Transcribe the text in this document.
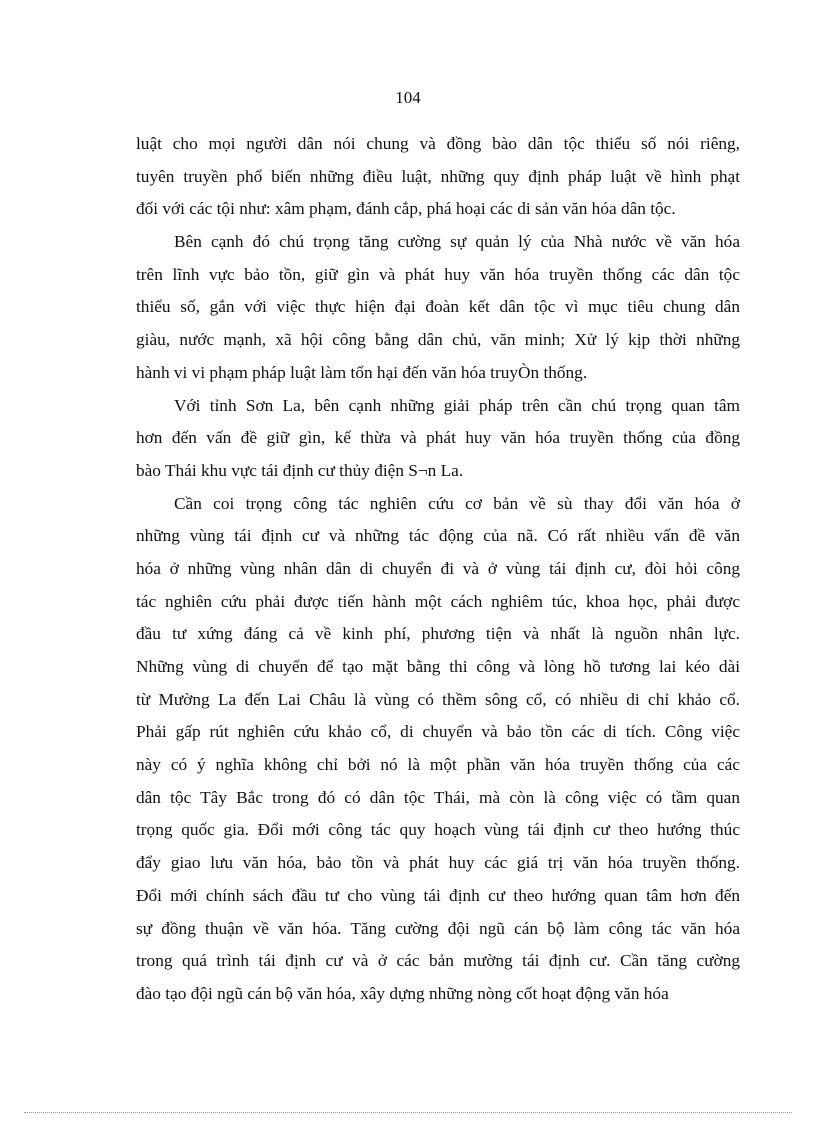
104
luật cho mọi người dân nói chung và đồng bào dân tộc thiểu số nói riêng,
tuyên truyền phổ biến những điều luật, những quy định pháp luật về hình phạt
đối với các tội như: xâm phạm, đánh cắp, phá hoại các di sản văn hóa dân tộc.
Bên cạnh đó chú trọng tăng cường sự quản lý của Nhà nước về văn hóa
trên lĩnh vực bảo tồn, giữ gìn và phát huy văn hóa truyền thống các dân tộc
thiểu số, gắn với việc thực hiện đại đoàn kết dân tộc vì mục tiêu chung dân
giàu, nước mạnh, xã hội công bằng dân chủ, văn minh; Xử lý kịp thời những
hành vi vi phạm pháp luật làm tổn hại đến văn hóa truyÒn thống.
Với tỉnh Sơn La, bên cạnh những giải pháp trên cần chú trọng quan tâm
hơn đến vấn đề giữ gìn, kế thừa và phát huy văn hóa truyền thống của đồng
bào Thái khu vực tái định cư thủy điện S¬n La.
Cần coi trọng công tác nghiên cứu cơ bản về sù thay đổi văn hóa ở
những vùng tái định cư và những tác động của nã. Có rất nhiều vấn đề văn
hóa ở những vùng nhân dân di chuyển đi và ở vùng tái định cư, đòi hỏi công
tác nghiên cứu phải được tiến hành một cách nghiêm túc, khoa học, phải được
đầu tư xứng đáng cả về kinh phí, phương tiện và nhất là nguồn nhân lực.
Những vùng di chuyển để tạo mặt bằng thi công và lòng hồ tương lai kéo dài
từ Mường La đến Lai Châu là vùng có thềm sông cổ, có nhiều di chỉ khảo cổ.
Phải gấp rút nghiên cứu khảo cổ, di chuyển và bảo tồn các di tích. Công việc
này có ý nghĩa không chỉ bởi nó là một phần văn hóa truyền thống của các
dân tộc Tây Bắc trong đó có dân tộc Thái, mà còn là công việc có tầm quan
trọng quốc gia. Đổi mới công tác quy hoạch vùng tái định cư theo hướng thúc
đẩy giao lưu văn hóa, bảo tồn và phát huy các giá trị văn hóa truyền thống.
Đổi mới chính sách đầu tư cho vùng tái định cư theo hướng quan tâm hơn đến
sự đồng thuận về văn hóa. Tăng cường đội ngũ cán bộ làm công tác văn hóa
trong quá trình tái định cư và ở các bản mường tái định cư. Cần tăng cường
đào tạo đội ngũ cán bộ văn hóa, xây dựng những nòng cốt hoạt động văn hóa
